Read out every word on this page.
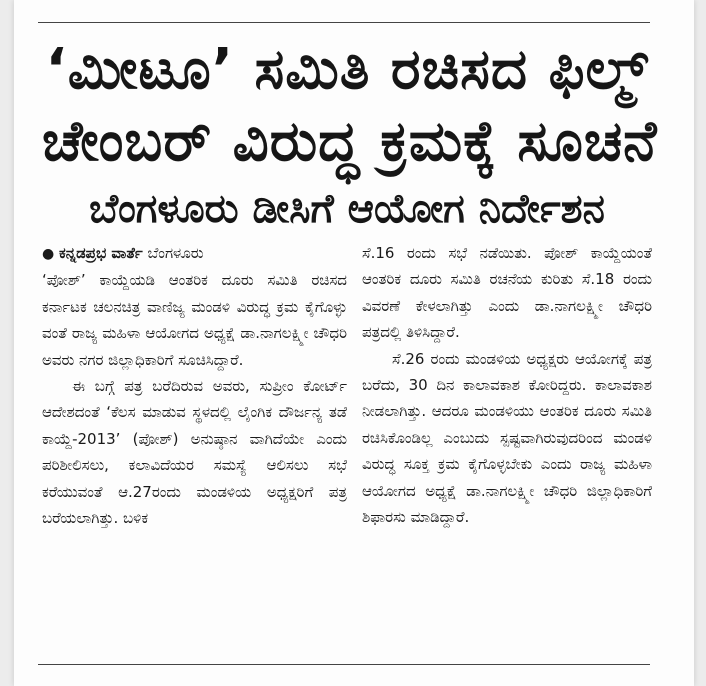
‘ಮೀಟೂ’ ಸಮಿತಿ ರಚಿಸದ ಫಿಲ್ಮ್
ಚೇಂಬರ್ ವಿರುದ್ಧ ಕ್ರಮಕ್ಕೆ ಸೂಚನೆ
ಬೆಂಗಳೂರು ಡೀಸಿಗೆ ಆಯೋಗ ನಿರ್ದೇಶನ

● ಕನ್ನಡಪ್ರಭ ವಾರ್ತೆ ಬೆಂಗಳೂರು

‘ಪೋಶ್’ ಕಾಯ್ದೆಯಡಿ ಆಂತರಿಕ ದೂರು ಸಮಿತಿ ರಚಿಸದ ಕರ್ನಾಟಕ ಚಲನಚಿತ್ರ ವಾಣಿಜ್ಯ ಮಂಡಳಿ ವಿರುದ್ಧ ಕ್ರಮ ಕೈಗೊಳ್ಳು ವಂತೆ ರಾಜ್ಯ ಮಹಿಳಾ ಆಯೋಗದ ಅಧ್ಯಕ್ಷೆ ಡಾ.ನಾಗಲಕ್ಷ್ಮೀ ಚೌಧರಿ ಅವರು ನಗರ ಜಿಲ್ಲಾಧಿಕಾರಿಗೆ ಸೂಚಿಸಿದ್ದಾರೆ.

ಈ ಬಗ್ಗೆ ಪತ್ರ ಬರೆದಿರುವ ಅವರು, ಸುಪ್ರೀಂ ಕೋರ್ಟ್ ಆದೇಶದಂತೆ ‘ಕೆಲಸ ಮಾಡುವ ಸ್ಥಳದಲ್ಲಿ ಲೈಂಗಿಕ ದೌರ್ಜನ್ಯ ತಡೆ ಕಾಯ್ದೆ-2013’ (ಪೋಶ್) ಅನುಷ್ಠಾನ ವಾಗಿದೆಯೇ ಎಂದು ಪರಿಶೀಲಿಸಲು, ಕಲಾವಿದೆಯರ ಸಮಸ್ಯೆ ಆಲಿಸಲು ಸಭೆ ಕರೆಯುವಂತೆ ಆ.27ರಂದು ಮಂಡಳಿಯ ಅಧ್ಯಕ್ಷರಿಗೆ ಪತ್ರ ಬರೆಯಲಾಗಿತ್ತು. ಬಳಿಕ

ಸೆ.16 ರಂದು ಸಭೆ ನಡೆಯಿತು. ಪೋಶ್ ಕಾಯ್ದೆಯಂತೆ ಆಂತರಿಕ ದೂರು ಸಮಿತಿ ರಚನೆಯ ಕುರಿತು ಸೆ.18 ರಂದು ವಿವರಣೆ ಕೇಳಲಾಗಿತ್ತು ಎಂದು ಡಾ.ನಾಗಲಕ್ಷ್ಮೀ ಚೌಧರಿ ಪತ್ರದಲ್ಲಿ ತಿಳಿಸಿದ್ದಾರೆ.

ಸೆ.26 ರಂದು ಮಂಡಳಿಯ ಅಧ್ಯಕ್ಷರು ಆಯೋಗಕ್ಕೆ ಪತ್ರ ಬರೆದು, 30 ದಿನ ಕಾಲಾವಕಾಶ ಕೋರಿದ್ದರು. ಕಾಲಾವಕಾಶ ನೀಡಲಾಗಿತ್ತು. ಆದರೂ ಮಂಡಳಿಯು ಆಂತರಿಕ ದೂರು ಸಮಿತಿ ರಚಿಸಿಕೊಂಡಿಲ್ಲ ಎಂಬುದು ಸ್ಪಷ್ಟವಾಗಿರುವುದರಿಂದ ಮಂಡಳಿ ವಿರುದ್ಧ ಸೂಕ್ತ ಕ್ರಮ ಕೈಗೊಳ್ಳಬೇಕು ಎಂದು ರಾಜ್ಯ ಮಹಿಳಾ ಆಯೋಗದ ಅಧ್ಯಕ್ಷೆ ಡಾ.ನಾಗಲಕ್ಷ್ಮೀ ಚೌಧರಿ ಜಿಲ್ಲಾಧಿಕಾರಿಗೆ ಶಿಫಾರಸು ಮಾಡಿದ್ದಾರೆ.
